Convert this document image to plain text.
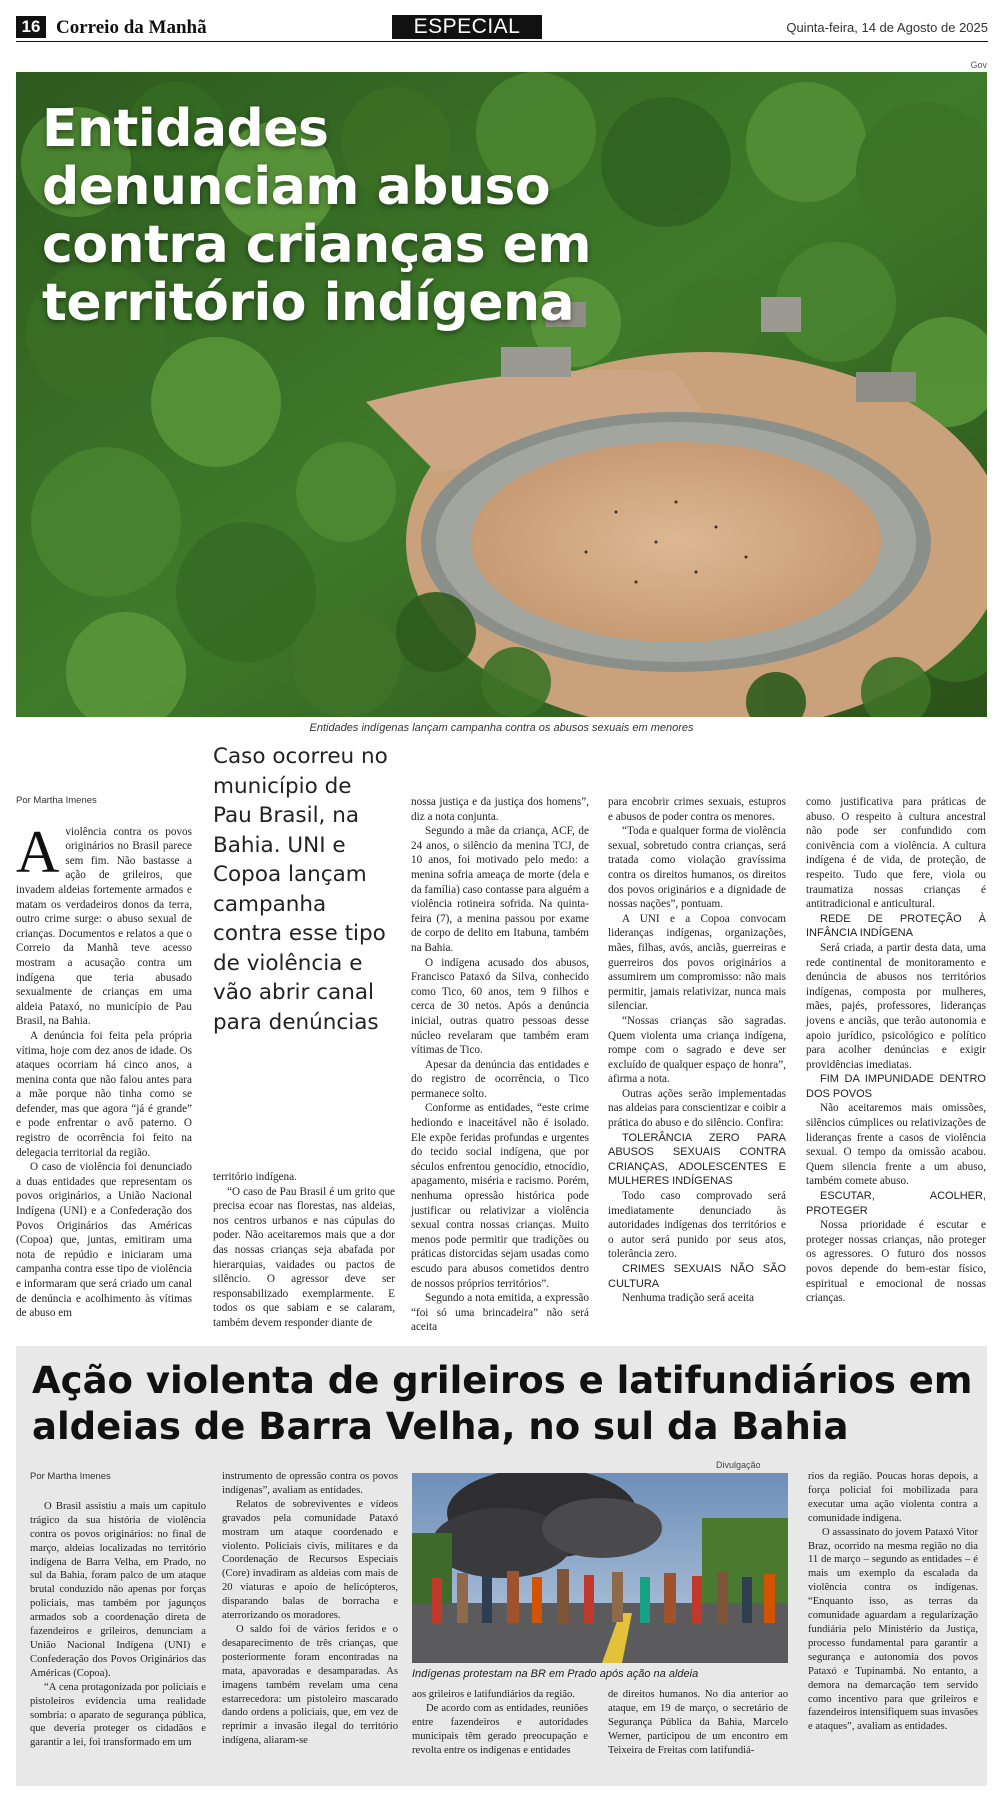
16 Correio da Manhã	ESPECIAL	Quinta-feira, 14 de Agosto de 2025
Gov
Entidades denunciam abuso contra crianças em território indígena
Entidades indígenas lançam campanha contra os abusos sexuais em menores
Por Martha Imenes

Aviolência contra os povos originários no Brasil parece sem fim. Não bastasse a ação de grileiros, que invadem aldeias fortemente armados e matam os verdadeiros donos da terra, outro crime surge: o abuso sexual de crianças. Documentos e relatos a que o Correio da Manhã teve acesso mostram a acusação contra um indígena que teria abusado sexualmente de crianças em uma aldeia Pataxó, no município de Pau Brasil, na Bahia.

A denúncia foi feita pela própria vítima, hoje com dez anos de idade. Os ataques ocorriam há cinco anos, a menina conta que não falou antes para a mãe porque não tinha como se defender, mas que agora “já é grande” e pode enfrentar o avô paterno. O registro de ocorrência foi feito na delegacia territorial da região.

O caso de violência foi denunciado a duas entidades que representam os povos originários, a União Nacional Indígena (UNI) e a Confederação dos Povos Originários das Américas (Copoa) que, juntas, emitiram uma nota de repúdio e iniciaram uma campanha contra esse tipo de violência e informaram que será criado um canal de denúncia e acolhimento às vítimas de abuso em

Caso ocorreu no município de Pau Brasil, na Bahia. UNI e Copoa lançam campanha contra esse tipo de violência e vão abrir canal para denúncias

território indígena.

“O caso de Pau Brasil é um grito que precisa ecoar nas florestas, nas aldeias, nos centros urbanos e nas cúpulas do poder. Não aceitaremos mais que a dor das nossas crianças seja abafada por hierarquias, vaidades ou pactos de silêncio. O agressor deve ser responsabilizado exemplarmente. E todos os que sabiam e se calaram, também devem responder diante de

nossa justiça e da justiça dos homens”, diz a nota conjunta.

Segundo a mãe da criança, ACF, de 24 anos, o silêncio da menina TCJ, de 10 anos, foi motivado pelo medo: a menina sofria ameaça de morte (dela e da família) caso contasse para alguém a violência rotineira sofrida. Na quinta-feira (7), a menina passou por exame de corpo de delito em Itabuna, também na Bahia.

O indígena acusado dos abusos, Francisco Pataxó da Silva, conhecido como Tico, 60 anos, tem 9 filhos e cerca de 30 netos. Após a denúncia inicial, outras quatro pessoas desse núcleo revelaram que também eram vítimas de Tico.

Apesar da denúncia das entidades e do registro de ocorrência, o Tico permanece solto.

Conforme as entidades, “este crime hediondo e inaceitável não é isolado. Ele expõe feridas profundas e urgentes do tecido social indígena, que por séculos enfrentou genocídio, etnocídio, apagamento, miséria e racismo. Porém, nenhuma opressão histórica pode justificar ou relativizar a violência sexual contra nossas crianças. Muito menos pode permitir que tradições ou práticas distorcidas sejam usadas como escudo para abusos cometidos dentro de nossos próprios territórios”.

Segundo a nota emitida, a expressão “foi só uma brincadeira” não será aceita

para encobrir crimes sexuais, estupros e abusos de poder contra os menores.

“Toda e qualquer forma de violência sexual, sobretudo contra crianças, será tratada como violação gravíssima contra os direitos humanos, os direitos dos povos originários e a dignidade de nossas nações”, pontuam.

A UNI e a Copoa convocam lideranças indígenas, organizações, mães, filhas, avós, anciãs, guerreiras e guerreiros dos povos originários a assumirem um compromisso: não mais permitir, jamais relativizar, nunca mais silenciar.

“Nossas crianças são sagradas. Quem violenta uma criança indígena, rompe com o sagrado e deve ser excluído de qualquer espaço de honra”, afirma a nota.

Outras ações serão implementadas nas aldeias para conscientizar e coibir a prática do abuso e do silêncio. Confira:

TOLERÂNCIA ZERO PARA ABUSOS SEXUAIS CONTRA CRIANÇAS, ADOLESCENTES E MULHERES INDÍGENAS

Todo caso comprovado será imediatamente denunciado às autoridades indígenas dos territórios e o autor será punido por seus atos, tolerância zero.

CRIMES SEXUAIS NÃO SÃO CULTURA

Nenhuma tradição será aceita

como justificativa para práticas de abuso. O respeito à cultura ancestral não pode ser confundido com conivência com a violência. A cultura indígena é de vida, de proteção, de respeito. Tudo que fere, viola ou traumatiza nossas crianças é antitradicional e anticultural.

REDE DE PROTEÇÃO À INFÂNCIA INDÍGENA

Será criada, a partir desta data, uma rede continental de monitoramento e denúncia de abusos nos territórios indígenas, composta por mulheres, mães, pajés, professores, lideranças jovens e anciãs, que terão autonomia e apoio jurídico, psicológico e político para acolher denúncias e exigir providências imediatas.

FIM DA IMPUNIDADE DENTRO DOS POVOS

Não aceitaremos mais omissões, silêncios cúmplices ou relativizações de lideranças frente a casos de violência sexual. O tempo da omissão acabou. Quem silencia frente a um abuso, também comete abuso.

ESCUTAR, ACOLHER, PROTEGER

Nossa prioridade é escutar e proteger nossas crianças, não proteger os agressores. O futuro dos nossos povos depende do bem-estar físico, espiritual e emocional de nossas crianças.

Ação violenta de grileiros e latifundiários em aldeias de Barra Velha, no sul da Bahia
Por Martha Imenes

O Brasil assistiu a mais um capítulo trágico da sua história de violência contra os povos originários: no final de março, aldeias localizadas no território indígena de Barra Velha, em Prado, no sul da Bahia, foram palco de um ataque brutal conduzido não apenas por forças policiais, mas também por jagunços armados sob a coordenação direta de fazendeiros e grileiros, denunciam a União Nacional Indígena (UNI) e Confederação dos Povos Originários das Américas (Copoa).

“A cena protagonizada por policiais e pistoleiros evidencia uma realidade sombria: o aparato de segurança pública, que deveria proteger os cidadãos e garantir a lei, foi transformado em um

instrumento de opressão contra os povos indígenas”, avaliam as entidades.

Relatos de sobreviventes e vídeos gravados pela comunidade Pataxó mostram um ataque coordenado e violento. Policiais civis, militares e da Coordenação de Recursos Especiais (Core) invadiram as aldeias com mais de 20 viaturas e apoio de helicópteros, disparando balas de borracha e aterrorizando os moradores.

O saldo foi de vários feridos e o desaparecimento de três crianças, que posteriormente foram encontradas na mata, apavoradas e desamparadas. As imagens também revelam uma cena estarrecedora: um pistoleiro mascarado dando ordens a policiais, que, em vez de reprimir a invasão ilegal do território indígena, aliaram-se

aos grileiros e latifundiários da região.

De acordo com as entidades, reuniões entre fazendeiros e autoridades municipais têm gerado preocupação e revolta entre os indígenas e entidades

de direitos humanos. No dia anterior ao ataque, em 19 de março, o secretário de Segurança Pública da Bahia, Marcelo Werner, participou de um encontro em Teixeira de Freitas com latifundiá-

rios da região. Poucas horas depois, a força policial foi mobilizada para executar uma ação violenta contra a comunidade indígena.

O assassinato do jovem Pataxó Vitor Braz, ocorrido na mesma região no dia 11 de março – segundo as entidades – é mais um exemplo da escalada da violência contra os indígenas. “Enquanto isso, as terras da comunidade aguardam a regularização fundiária pelo Ministério da Justiça, processo fundamental para garantir a segurança e autonomia dos povos Pataxó e Tupinambá. No entanto, a demora na demarcação tem servido como incentivo para que grileiros e fazendeiros intensifiquem suas invasões e ataques”, avaliam as entidades.

Divulgação
Indígenas protestam na BR em Prado após ação na aldeia
